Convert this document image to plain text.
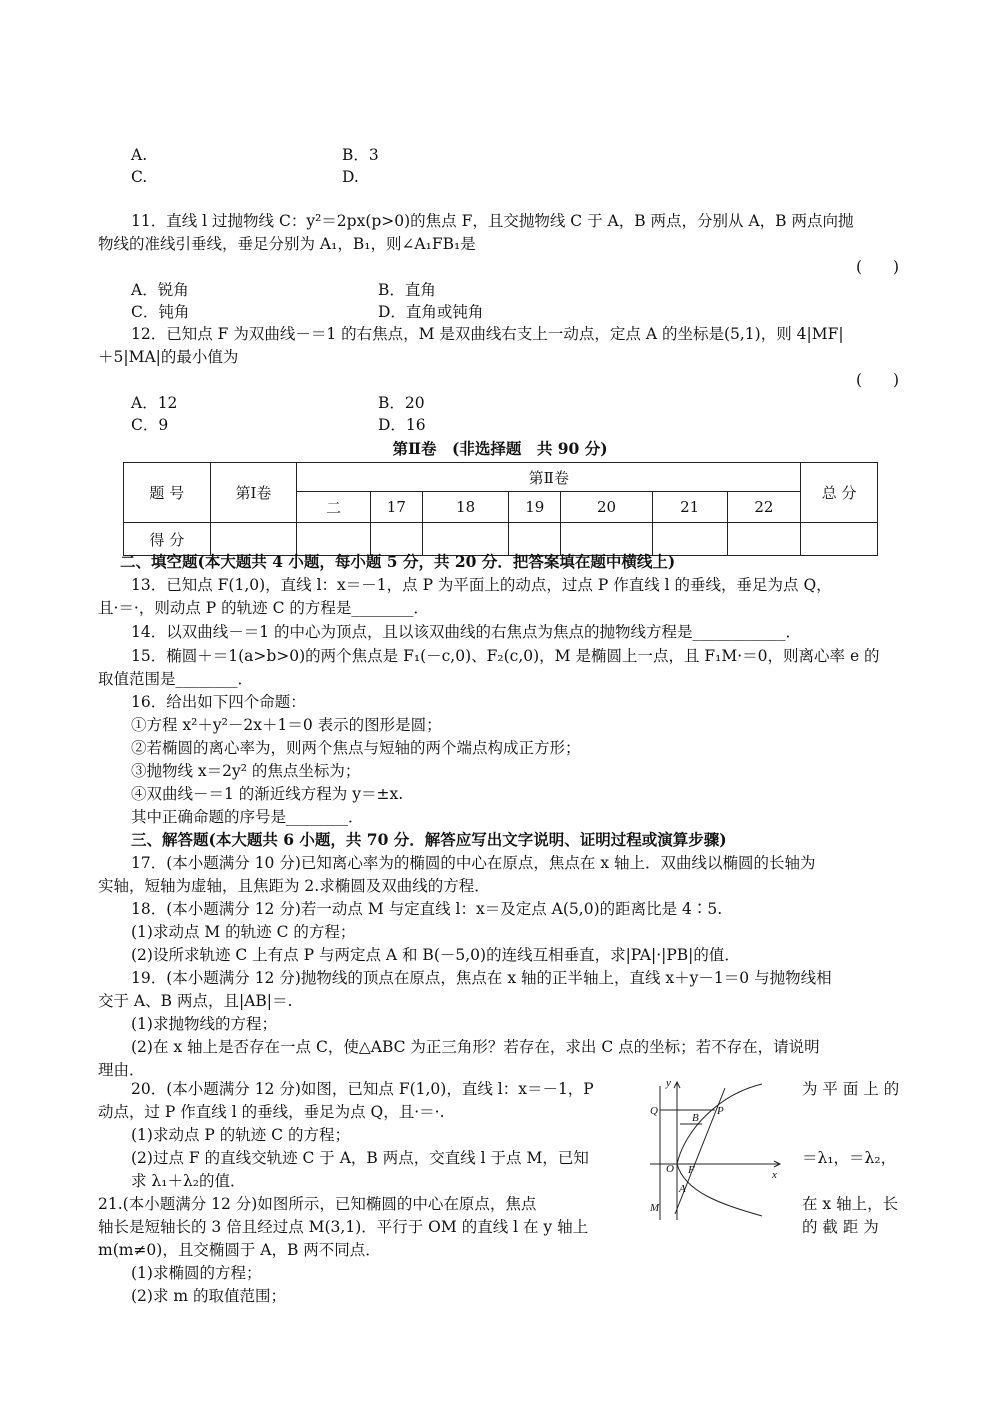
A.	B．3
C.	D.
11．直线 l 过抛物线 C：y²＝2px(p>0)的焦点 F，且交抛物线 C 于 A，B 两点，分别从 A，B 两点向抛
物线的准线引垂线，垂足分别为 A₁，B₁，则∠A₁FB₁是
(　　)
A．锐角	B．直角
C．钝角	D．直角或钝角
12．已知点 F 为双曲线－＝1 的右焦点，M 是双曲线右支上一动点，定点 A 的坐标是(5,1)，则 4|MF|
＋5|MA|的最小值为
(　　)
A．12	B．20
C．9	D．16
第Ⅱ卷　(非选择题　共 90 分)
题 号	第Ⅰ卷	第Ⅱ卷							总 分
		二	17	18	19	20	21	22	
得 分									
二、填空题(本大题共 4 小题，每小题 5 分，共 20 分．把答案填在题中横线上)
13．已知点 F(1,0)，直线 l：x＝－1，点 P 为平面上的动点，过点 P 作直线 l 的垂线，垂足为点 Q，
且·＝·，则动点 P 的轨迹 C 的方程是________．
14．以双曲线－＝1 的中心为顶点，且以该双曲线的右焦点为焦点的抛物线方程是____________．
15．椭圆＋＝1(a>b>0)的两个焦点是 F₁(－c,0)、F₂(c,0)，M 是椭圆上一点，且 F₁M·＝0，则离心率 e 的
取值范围是________．
16．给出如下四个命题：
①方程 x²＋y²－2x＋1＝0 表示的图形是圆；
②若椭圆的离心率为，则两个焦点与短轴的两个端点构成正方形；
③抛物线 x＝2y² 的焦点坐标为；
④双曲线－＝1 的渐近线方程为 y＝±x.
其中正确命题的序号是________．
三、解答题(本大题共 6 小题，共 70 分．解答应写出文字说明、证明过程或演算步骤)
17．(本小题满分 10 分)已知离心率为的椭圆的中心在原点，焦点在 x 轴上．双曲线以椭圆的长轴为
实轴，短轴为虚轴，且焦距为 2.求椭圆及双曲线的方程．
18．(本小题满分 12 分)若一动点 M 与定直线 l：x＝及定点 A(5,0)的距离比是 4∶5.
(1)求动点 M 的轨迹 C 的方程；
(2)设所求轨迹 C 上有点 P 与两定点 A 和 B(－5,0)的连线互相垂直，求|PA|·|PB|的值．
19．(本小题满分 12 分)抛物线的顶点在原点，焦点在 x 轴的正半轴上，直线 x＋y－1＝0 与抛物线相
交于 A、B 两点，且|AB|＝.
(1)求抛物线的方程；
(2)在 x 轴上是否存在一点 C，使△ABC 为正三角形？若存在，求出 C 点的坐标；若不存在，请说明
理由．
20．(本小题满分 12 分)如图，已知点 F(1,0)，直线 l：x＝－1，P	为 平 面 上 的
动点，过 P 作直线 l 的垂线，垂足为点 Q，且·＝·.
(1)求动点 P 的轨迹 C 的方程；
(2)过点 F 的直线交轨迹 C 于 A，B 两点，交直线 l 于点 M，已知	＝λ₁，＝λ₂，
求 λ₁＋λ₂的值．
21.(本小题满分 12 分)如图所示，已知椭圆的中心在原点，焦点	在 x 轴上，长
轴长是短轴长的 3 倍且经过点 M(3,1)．平行于 OM 的直线 l 在 y 轴上	的 截 距 为
m(m≠0)，且交椭圆于 A，B 两不同点．
(1)求椭圆的方程；
(2)求 m 的取值范围；
y
x
Q
B
P
O F
A
M
